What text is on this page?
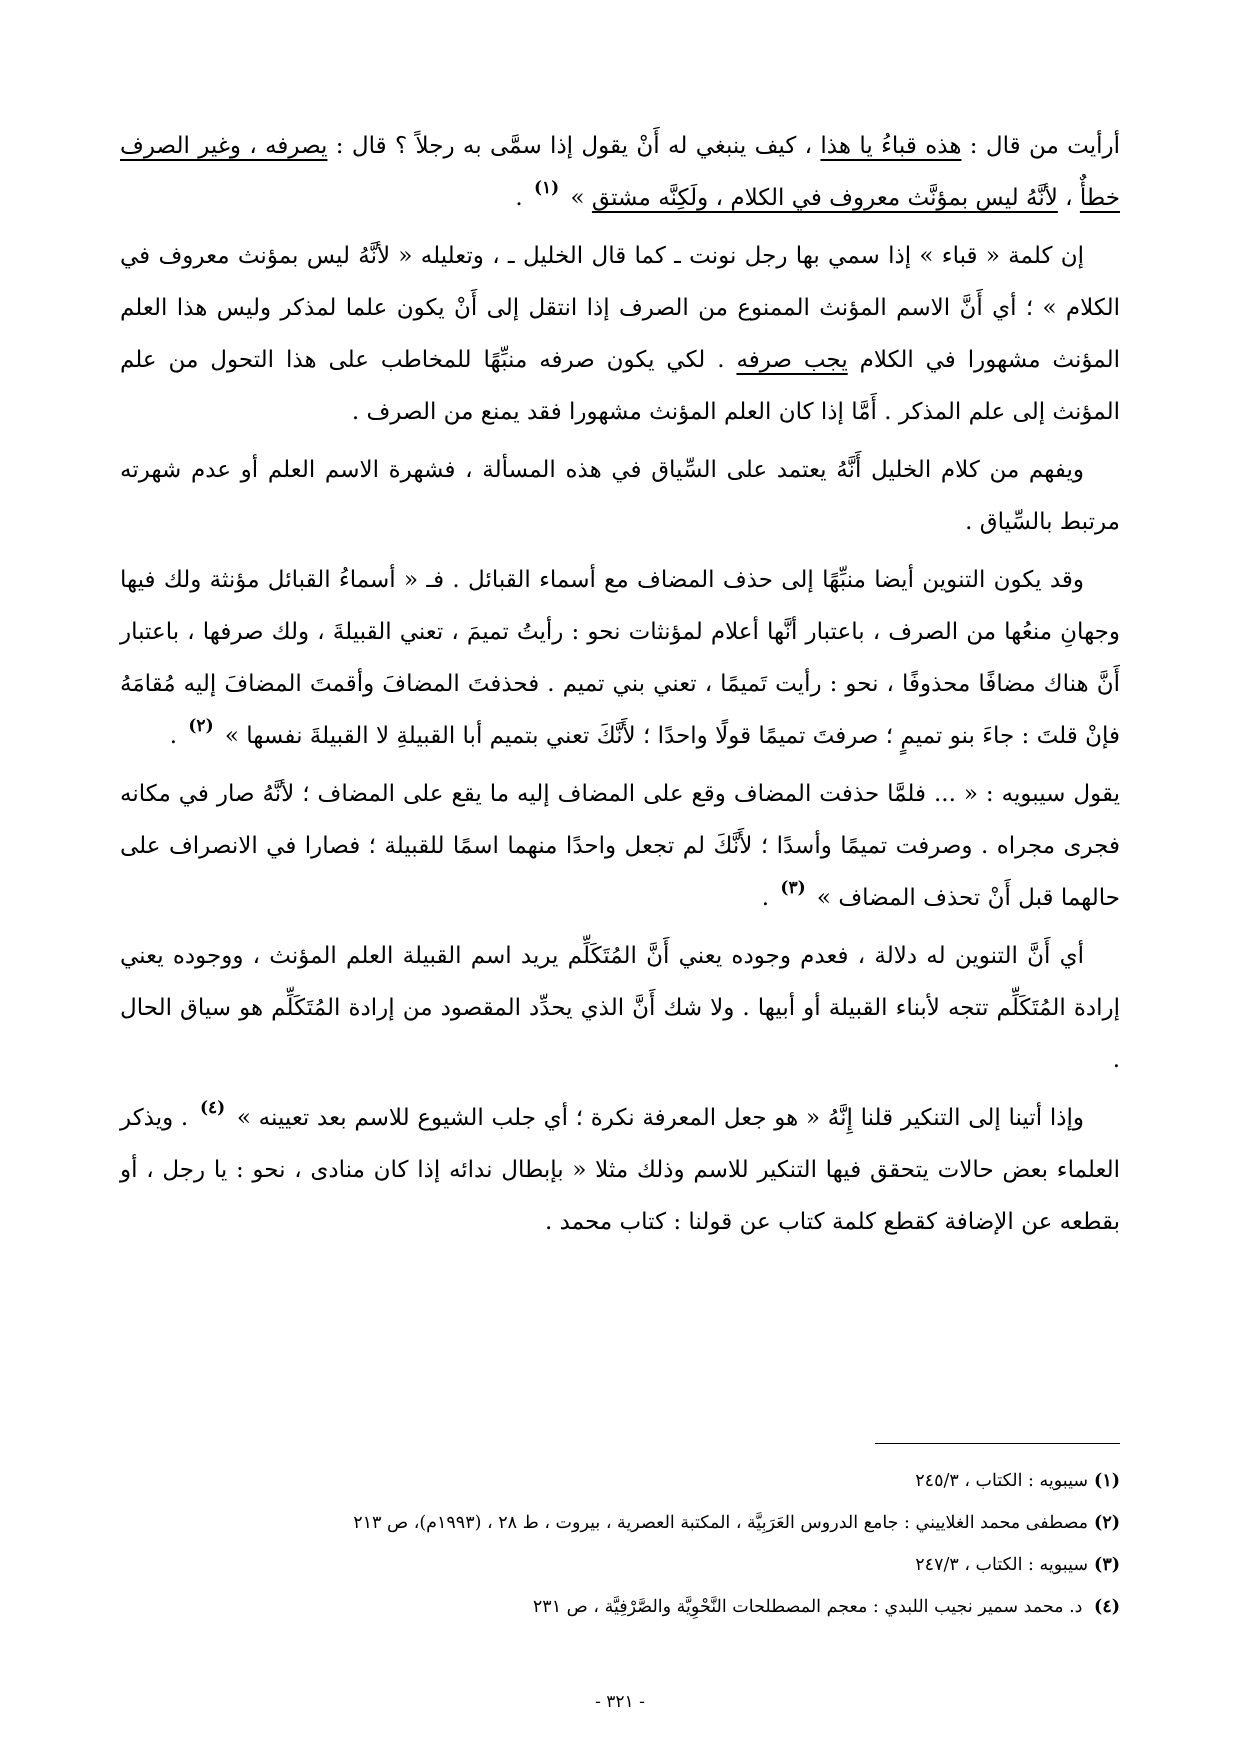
أرأيت من قال : هذه قباءُ يا هذا ، كيف ينبغي له أَنْ يقول إذا سمَّى به رجلاً ؟ قال : يصرفه ، وغير الصرف خطأٌ ، لأنَّهُ ليس بمؤنَّث معروف في الكلام ، ولَكِنَّه مشتق » $^{(١)}$ .

إن كلمة « قباء » إذا سمي بها رجل نونت ـ كما قال الخليل ـ ، وتعليله « لأنَّهُ ليس بمؤنث معروف في الكلام » ؛ أي أَنَّ الاسم المؤنث الممنوع من الصرف إذا انتقل إلى أَنْ يكون علما لمذكر وليس هذا العلم المؤنث مشهورا في الكلام يجب صرفه . لكي يكون صرفه منبِّهًا للمخاطب على هذا التحول من علم المؤنث إلى علم المذكر . أَمَّا إذا كان العلم المؤنث مشهورا فقد يمنع من الصرف .

ويفهم من كلام الخليل أَنَّهُ يعتمد على السِّياق في هذه المسألة ، فشهرة الاسم العلم أو عدم شهرته مرتبط بالسِّياق .

وقد يكون التنوين أيضا منبِّهًا إلى حذف المضاف مع أسماء القبائل . فـ « أسماءُ القبائل مؤنثة ولك فيها وجهانِ منعُها من الصرف ، باعتبار أنَّها أعلام لمؤنثات نحو : رأيتُ تميمَ ، تعني القبيلةَ ، ولك صرفها ، باعتبار أَنَّ هناك مضافًا محذوفًا ، نحو : رأيت تَميمًا ، تعني بني تميم . فحذفتَ المضافَ وأقمتَ المضافَ إليه مُقامَهُ فإنْ قلتَ : جاءَ بنو تميمٍ ؛ صرفتَ تميمًا قولًا واحدًا ؛ لأَنَّكَ تعني بتميم أبا القبيلةِ لا القبيلةَ نفسها » $^{(٢)}$ .

يقول سيبويه : « ... فلمَّا حذفت المضاف وقع على المضاف إليه ما يقع على المضاف ؛ لأنَّهُ صار في مكانه فجرى مجراه . وصرفت تميمًا وأسدًا ؛ لأَنَّكَ لم تجعل واحدًا منهما اسمًا للقبيلة ؛ فصارا في الانصراف على حالهما قبل أَنْ تحذف المضاف » $^{(٣)}$ .

أي أَنَّ التنوين له دلالة ، فعدم وجوده يعني أَنَّ المُتَكَلِّم يريد اسم القبيلة العلم المؤنث ، ووجوده يعني إرادة المُتَكَلِّم تتجه لأبناء القبيلة أو أبيها . ولا شك أَنَّ الذي يحدِّد المقصود من إرادة المُتَكَلِّم هو سياق الحال .

وإذا أتينا إلى التنكير قلنا إِنَّهُ « هو جعل المعرفة نكرة ؛ أي جلب الشيوع للاسم بعد تعيينه » $^{(٤)}$ . ويذكر العلماء بعض حالات يتحقق فيها التنكير للاسم وذلك مثلا « بإبطال ندائه إذا كان منادى ، نحو : يا رجل ، أو بقطعه عن الإضافة كقطع كلمة كتاب عن قولنا : كتاب محمد .

(١)سيبويه : الكتاب ، ٢٤٥/٣
(٢)مصطفى محمد الغلاييني : جامع الدروس العَرَبِيَّة ، المكتبة العصرية ، بيروت ، ط ٢٨ ، (١٩٩٣م)، ص ٢١٣
(٣)سيبويه : الكتاب ، ٢٤٧/٣
(٤) د. محمد سمير نجيب اللبدي : معجم المصطلحات النَّحْوِيَّة والصَّرْفِيَّة ، ص ٢٣١
- ٣٢١ -
